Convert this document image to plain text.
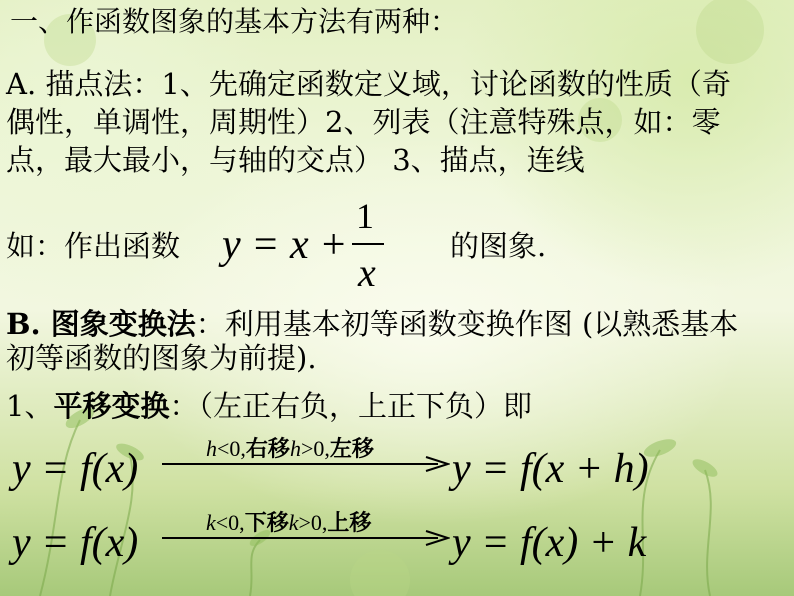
一、作函数图象的基本方法有两种：
A. 描点法：1、先确定函数定义域，讨论函数的性质（奇
偶性，单调性，周期性）2、列表（注意特殊点，如：零
点，最大最小，与轴的交点） 3、描点，连线
如：作出函数 y = x +
1
x
的图象.
B. 图象变换法：利用基本初等函数变换作图 (以熟悉基本
初等函数的图象为前提).
1、平移变换：（左正右负，上正下负）即
y = f(x)	h<0,右移h>0,左移 y = f(x + h)
y = f(x)	k<0,下移k>0,上移 y = f(x) + k
